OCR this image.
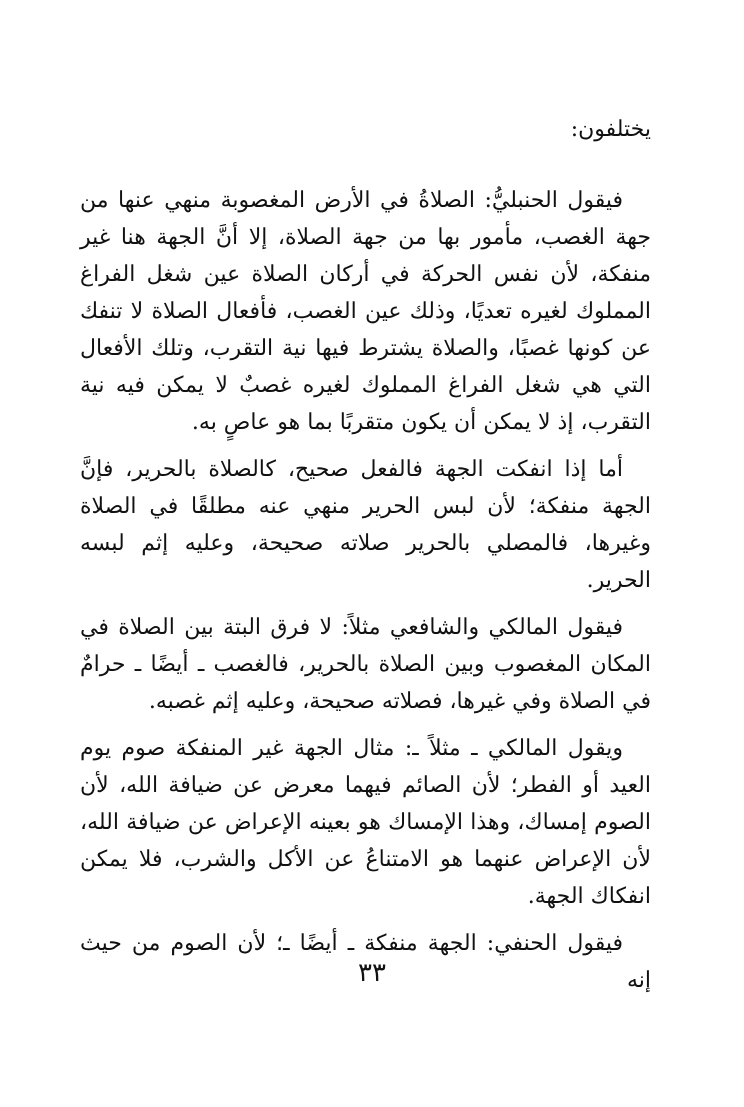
يختلفون:

فيقول الحنبليُّ: الصلاةُ في الأرض المغصوبة منهي عنها من جهة الغصب، مأمور بها من جهة الصلاة، إلا أنَّ الجهة هنا غير منفكة، لأن نفس الحركة في أركان الصلاة عين شغل الفراغ المملوك لغيره تعديًا، وذلك عين الغصب، فأفعال الصلاة لا تنفك عن كونها غصبًا، والصلاة يشترط فيها نية التقرب، وتلك الأفعال التي هي شغل الفراغ المملوك لغيره غصبٌ لا يمكن فيه نية التقرب، إذ لا يمكن أن يكون متقربًا بما هو عاصٍ به.

أما إذا انفكت الجهة فالفعل صحيح، كالصلاة بالحرير، فإنَّ الجهة منفكة؛ لأن لبس الحرير منهي عنه مطلقًا في الصلاة وغيرها، فالمصلي بالحرير صلاته صحيحة، وعليه إثم لبسه الحرير.

فيقول المالكي والشافعي مثلاً: لا فرق البتة بين الصلاة في المكان المغصوب وبين الصلاة بالحرير، فالغصب ـ أيضًا ـ حرامٌ في الصلاة وفي غيرها، فصلاته صحيحة، وعليه إثم غصبه.

ويقول المالكي ـ مثلاً ـ: مثال الجهة غير المنفكة صوم يوم العيد أو الفطر؛ لأن الصائم فيهما معرض عن ضيافة الله، لأن الصوم إمساك، وهذا الإمساك هو بعينه الإعراض عن ضيافة الله، لأن الإعراض عنهما هو الامتناعُ عن الأكل والشرب، فلا يمكن انفكاك الجهة.

فيقول الحنفي: الجهة منفكة ـ أيضًا ـ؛ لأن الصوم من حيث إنه

٣٣
